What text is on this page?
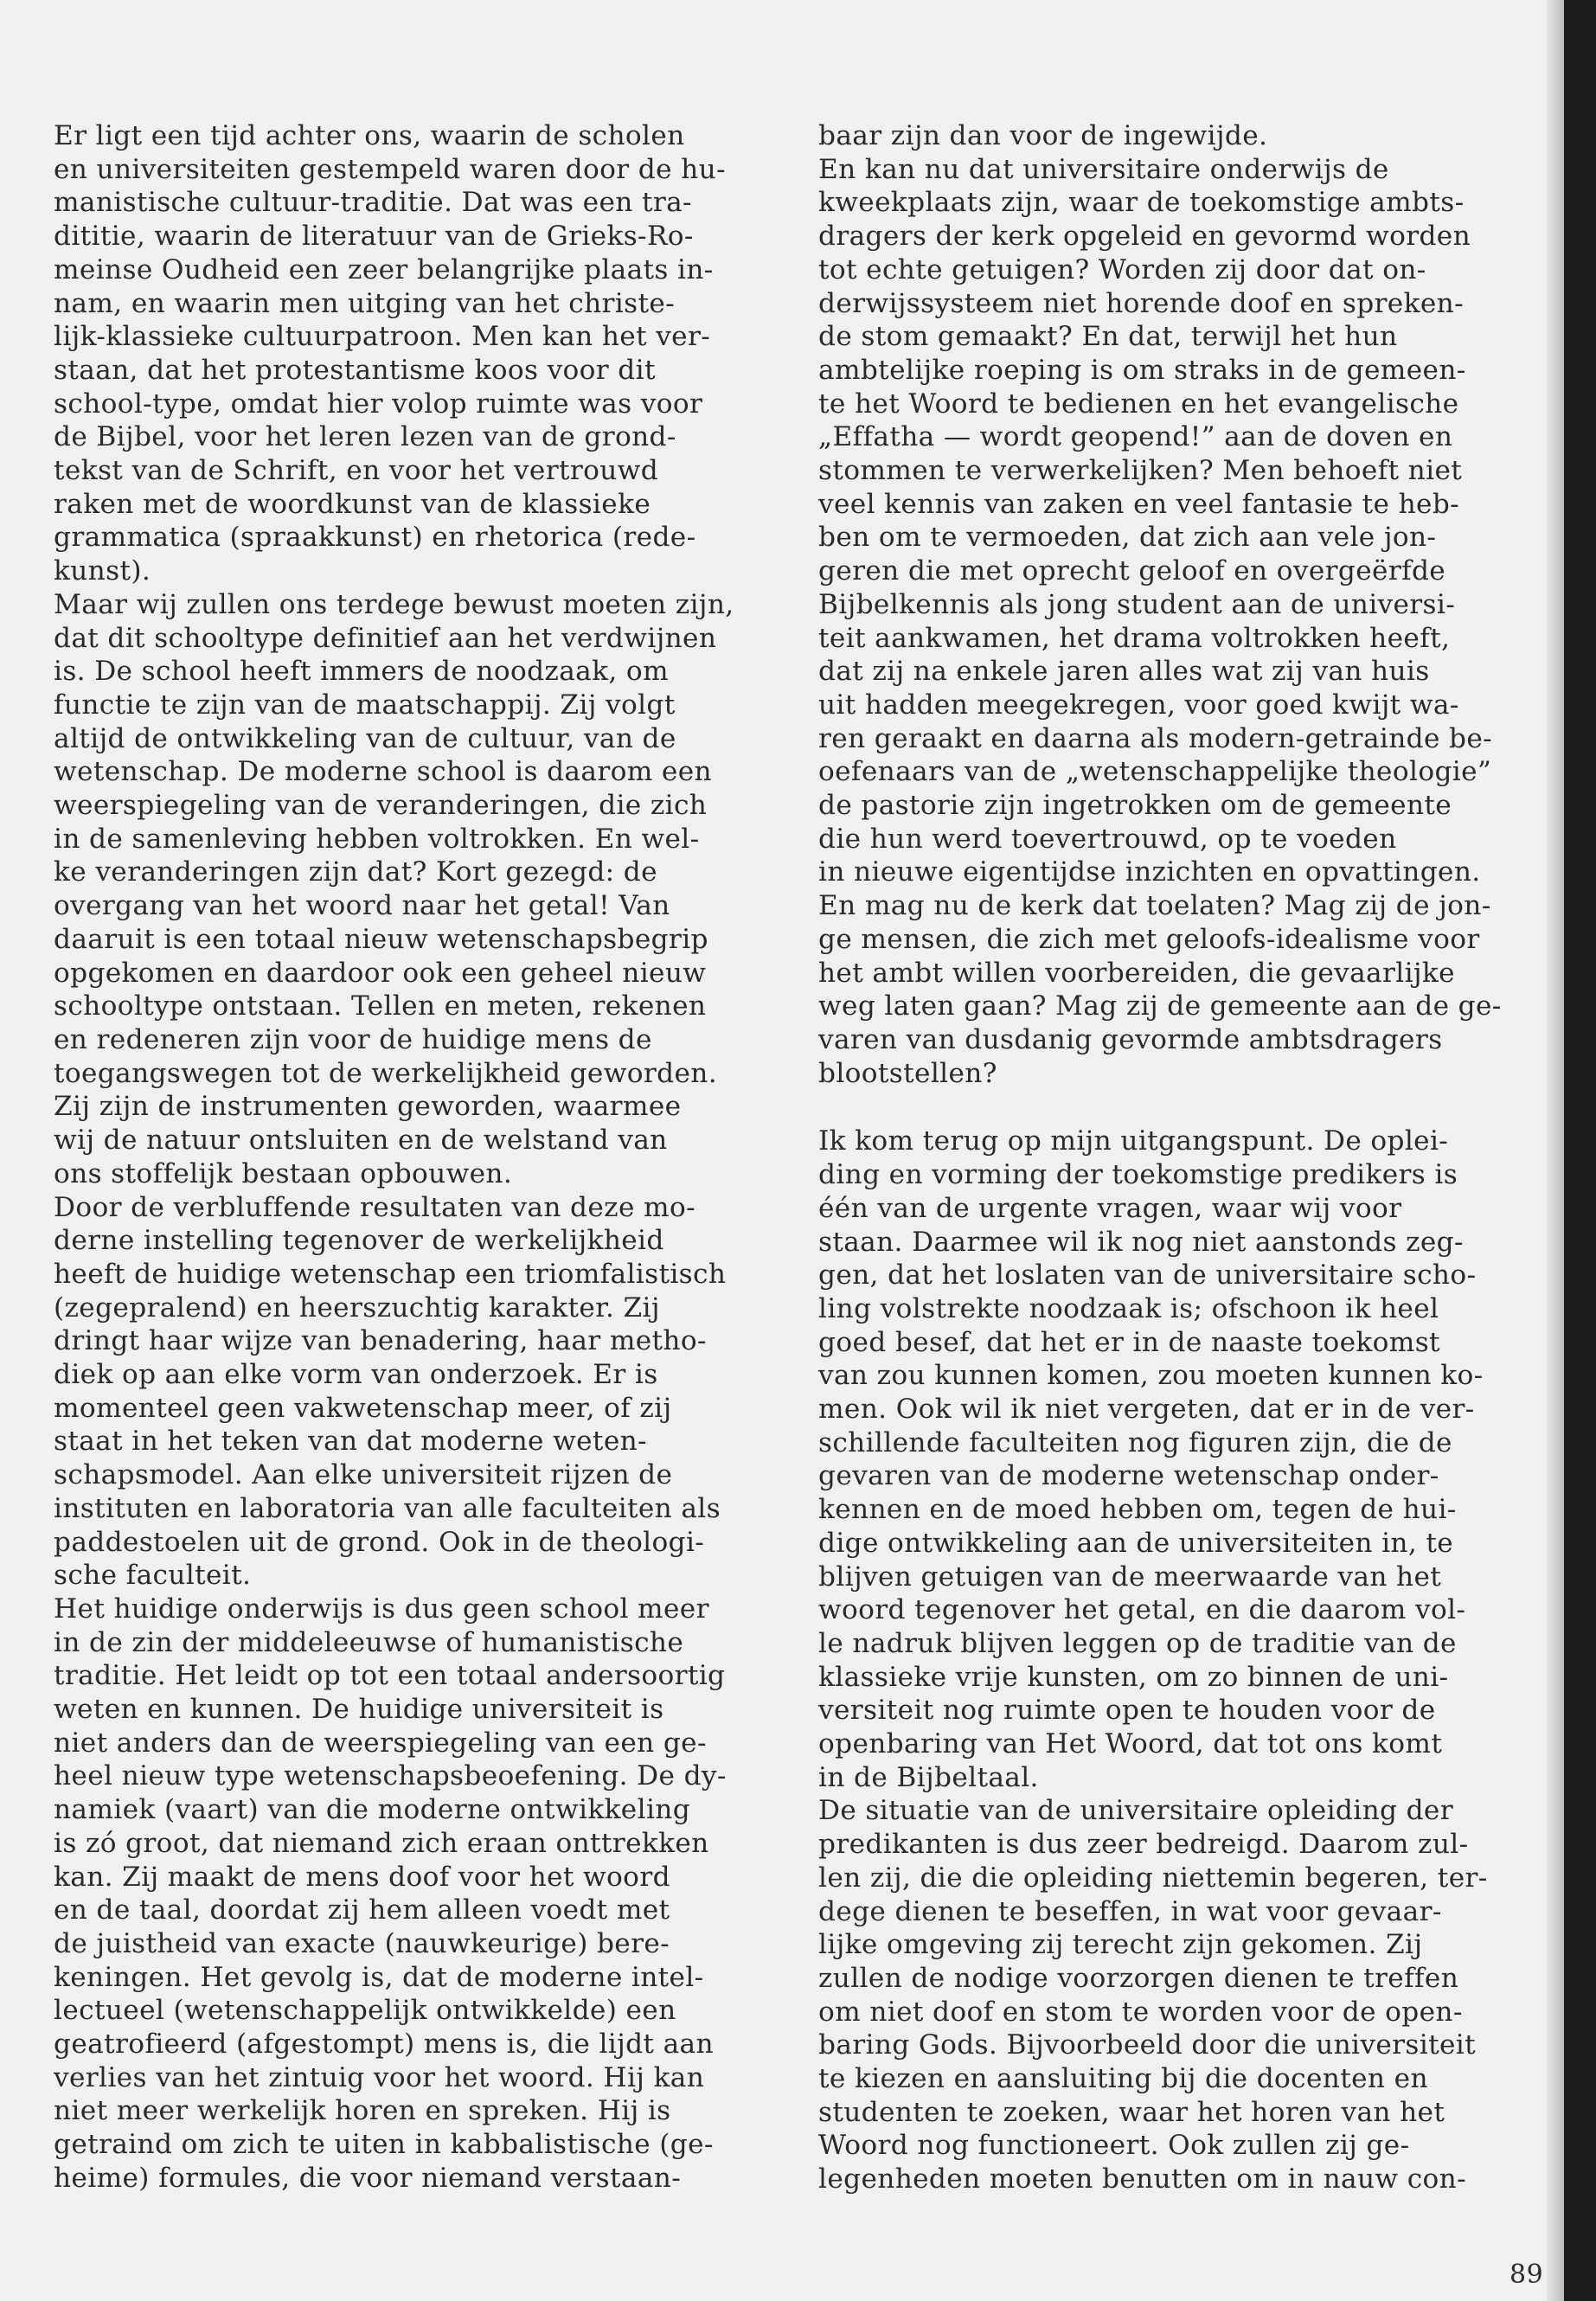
Er ligt een tijd achter ons, waarin de scholen
en universiteiten gestempeld waren door de hu-
manistische cultuur-traditie. Dat was een tra-
dititie, waarin de literatuur van de Grieks-Ro-
meinse Oudheid een zeer belangrijke plaats in-
nam, en waarin men uitging van het christe-
lijk-klassieke cultuurpatroon. Men kan het ver-
staan, dat het protestantisme koos voor dit
school-type, omdat hier volop ruimte was voor
de Bijbel, voor het leren lezen van de grond-
tekst van de Schrift, en voor het vertrouwd
raken met de woordkunst van de klassieke
grammatica (spraakkunst) en rhetorica (rede-
kunst).

Maar wij zullen ons terdege bewust moeten zijn,
dat dit schooltype definitief aan het verdwijnen
is. De school heeft immers de noodzaak, om
functie te zijn van de maatschappij. Zij volgt
altijd de ontwikkeling van de cultuur, van de
wetenschap. De moderne school is daarom een
weerspiegeling van de veranderingen, die zich
in de samenleving hebben voltrokken. En wel-
ke veranderingen zijn dat? Kort gezegd: de
overgang van het woord naar het getal! Van
daaruit is een totaal nieuw wetenschapsbegrip
opgekomen en daardoor ook een geheel nieuw
schooltype ontstaan. Tellen en meten, rekenen
en redeneren zijn voor de huidige mens de
toegangswegen tot de werkelijkheid geworden.
Zij zijn de instrumenten geworden, waarmee
wij de natuur ontsluiten en de welstand van
ons stoffelijk bestaan opbouwen.

Door de verbluffende resultaten van deze mo-
derne instelling tegenover de werkelijkheid
heeft de huidige wetenschap een triomfalistisch
(zegepralend) en heerszuchtig karakter. Zij
dringt haar wijze van benadering, haar metho-
diek op aan elke vorm van onderzoek. Er is
momenteel geen vakwetenschap meer, of zij
staat in het teken van dat moderne weten-
schapsmodel. Aan elke universiteit rijzen de
instituten en laboratoria van alle faculteiten als
paddestoelen uit de grond. Ook in de theologi-
sche faculteit.

Het huidige onderwijs is dus geen school meer
in de zin der middeleeuwse of humanistische
traditie. Het leidt op tot een totaal andersoortig
weten en kunnen. De huidige universiteit is
niet anders dan de weerspiegeling van een ge-
heel nieuw type wetenschapsbeoefening. De dy-
namiek (vaart) van die moderne ontwikkeling
is zó groot, dat niemand zich eraan onttrekken
kan. Zij maakt de mens doof voor het woord
en de taal, doordat zij hem alleen voedt met
de juistheid van exacte (nauwkeurige) bere-
keningen. Het gevolg is, dat de moderne intel-
lectueel (wetenschappelijk ontwikkelde) een
geatrofieerd (afgestompt) mens is, die lijdt aan
verlies van het zintuig voor het woord. Hij kan
niet meer werkelijk horen en spreken. Hij is
getraind om zich te uiten in kabbalistische (ge-
heime) formules, die voor niemand verstaan-

baar zijn dan voor de ingewijde.

En kan nu dat universitaire onderwijs de
kweekplaats zijn, waar de toekomstige ambts-
dragers der kerk opgeleid en gevormd worden
tot echte getuigen? Worden zij door dat on-
derwijssysteem niet horende doof en spreken-
de stom gemaakt? En dat, terwijl het hun
ambtelijke roeping is om straks in de gemeen-
te het Woord te bedienen en het evangelische
„Effatha — wordt geopend!” aan de doven en
stommen te verwerkelijken? Men behoeft niet
veel kennis van zaken en veel fantasie te heb-
ben om te vermoeden, dat zich aan vele jon-
geren die met oprecht geloof en overgeërfde
Bijbelkennis als jong student aan de universi-
teit aankwamen, het drama voltrokken heeft,
dat zij na enkele jaren alles wat zij van huis
uit hadden meegekregen, voor goed kwijt wa-
ren geraakt en daarna als modern-getrainde be-
oefenaars van de „wetenschappelijke theologie”
de pastorie zijn ingetrokken om de gemeente
die hun werd toevertrouwd, op te voeden
in nieuwe eigentijdse inzichten en opvattingen.

En mag nu de kerk dat toelaten? Mag zij de jon-
ge mensen, die zich met geloofs-idealisme voor
het ambt willen voorbereiden, die gevaarlijke
weg laten gaan? Mag zij de gemeente aan de ge-
varen van dusdanig gevormde ambtsdragers
blootstellen?

Ik kom terug op mijn uitgangspunt. De oplei-
ding en vorming der toekomstige predikers is
één van de urgente vragen, waar wij voor
staan. Daarmee wil ik nog niet aanstonds zeg-
gen, dat het loslaten van de universitaire scho-
ling volstrekte noodzaak is; ofschoon ik heel
goed besef, dat het er in de naaste toekomst
van zou kunnen komen, zou moeten kunnen ko-
men. Ook wil ik niet vergeten, dat er in de ver-
schillende faculteiten nog figuren zijn, die de
gevaren van de moderne wetenschap onder-
kennen en de moed hebben om, tegen de hui-
dige ontwikkeling aan de universiteiten in, te
blijven getuigen van de meerwaarde van het
woord tegenover het getal, en die daarom vol-
le nadruk blijven leggen op de traditie van de
klassieke vrije kunsten, om zo binnen de uni-
versiteit nog ruimte open te houden voor de
openbaring van Het Woord, dat tot ons komt
in de Bijbeltaal.

De situatie van de universitaire opleiding der
predikanten is dus zeer bedreigd. Daarom zul-
len zij, die die opleiding niettemin begeren, ter-
dege dienen te beseffen, in wat voor gevaar-
lijke omgeving zij terecht zijn gekomen. Zij
zullen de nodige voorzorgen dienen te treffen
om niet doof en stom te worden voor de open-
baring Gods. Bijvoorbeeld door die universiteit
te kiezen en aansluiting bij die docenten en
studenten te zoeken, waar het horen van het
Woord nog functioneert. Ook zullen zij ge-
legenheden moeten benutten om in nauw con-

89
